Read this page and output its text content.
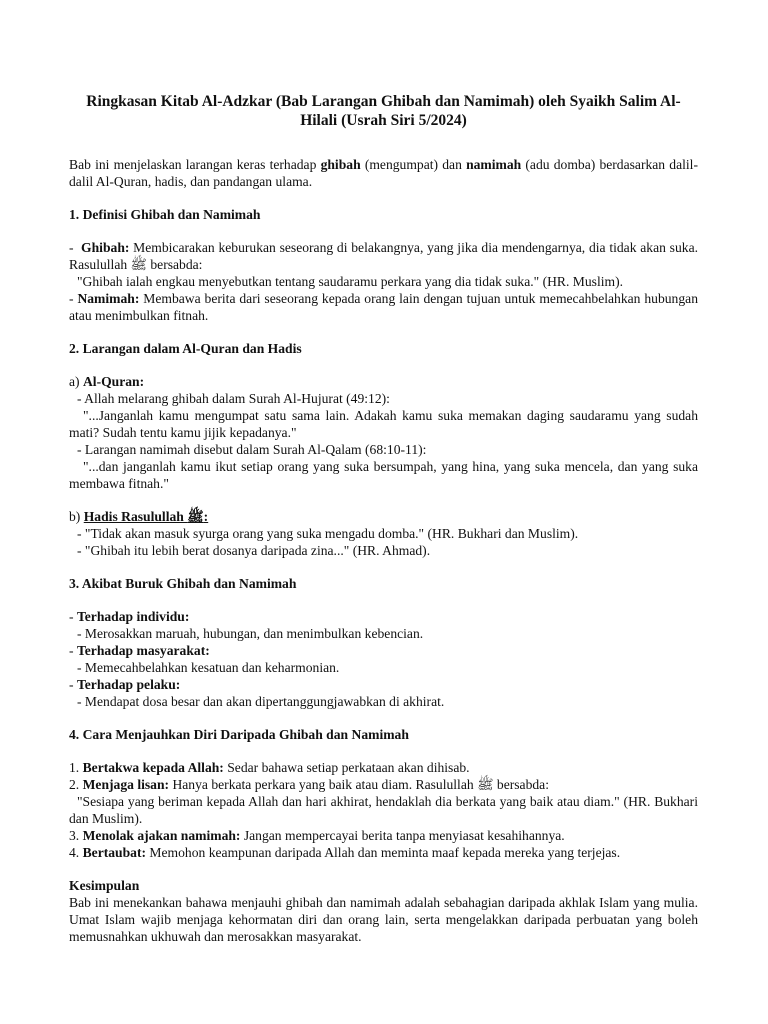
Ringkasan Kitab Al-Adzkar (Bab Larangan Ghibah dan Namimah) oleh Syaikh Salim Al-Hilali (Usrah Siri 5/2024)

Bab ini menjelaskan larangan keras terhadap ghibah (mengumpat) dan namimah (adu domba) berdasarkan dalil-dalil Al-Quran, hadis, dan pandangan ulama.

1. Definisi Ghibah dan Namimah

-  Ghibah: Membicarakan keburukan seseorang di belakangnya, yang jika dia mendengarnya, dia tidak akan suka. Rasulullah ﷺ bersabda:

"Ghibah ialah engkau menyebutkan tentang saudaramu perkara yang dia tidak suka." (HR. Muslim).

- Namimah: Membawa berita dari seseorang kepada orang lain dengan tujuan untuk memecahbelahkan hubungan atau menimbulkan fitnah.

2. Larangan dalam Al-Quran dan Hadis

a) Al-Quran:

- Allah melarang ghibah dalam Surah Al-Hujurat (49:12):

"...Janganlah kamu mengumpat satu sama lain. Adakah kamu suka memakan daging saudaramu yang sudah mati? Sudah tentu kamu jijik kepadanya."

- Larangan namimah disebut dalam Surah Al-Qalam (68:10-11):

"...dan janganlah kamu ikut setiap orang yang suka bersumpah, yang hina, yang suka mencela, dan yang suka membawa fitnah."

b) Hadis Rasulullah ﷺ:

- "Tidak akan masuk syurga orang yang suka mengadu domba." (HR. Bukhari dan Muslim).

- "Ghibah itu lebih berat dosanya daripada zina..." (HR. Ahmad).

3. Akibat Buruk Ghibah dan Namimah

- Terhadap individu:

- Merosakkan maruah, hubungan, dan menimbulkan kebencian.

- Terhadap masyarakat:

- Memecahbelahkan kesatuan dan keharmonian.

- Terhadap pelaku:

- Mendapat dosa besar dan akan dipertanggungjawabkan di akhirat.

4. Cara Menjauhkan Diri Daripada Ghibah dan Namimah

1. Bertakwa kepada Allah: Sedar bahawa setiap perkataan akan dihisab.

2. Menjaga lisan: Hanya berkata perkara yang baik atau diam. Rasulullah ﷺ bersabda:

"Sesiapa yang beriman kepada Allah dan hari akhirat, hendaklah dia berkata yang baik atau diam." (HR. Bukhari dan Muslim).

3. Menolak ajakan namimah: Jangan mempercayai berita tanpa menyiasat kesahihannya.

4. Bertaubat: Memohon keampunan daripada Allah dan meminta maaf kepada mereka yang terjejas.

Kesimpulan

Bab ini menekankan bahawa menjauhi ghibah dan namimah adalah sebahagian daripada akhlak Islam yang mulia. Umat Islam wajib menjaga kehormatan diri dan orang lain, serta mengelakkan daripada perbuatan yang boleh memusnahkan ukhuwah dan merosakkan masyarakat.
